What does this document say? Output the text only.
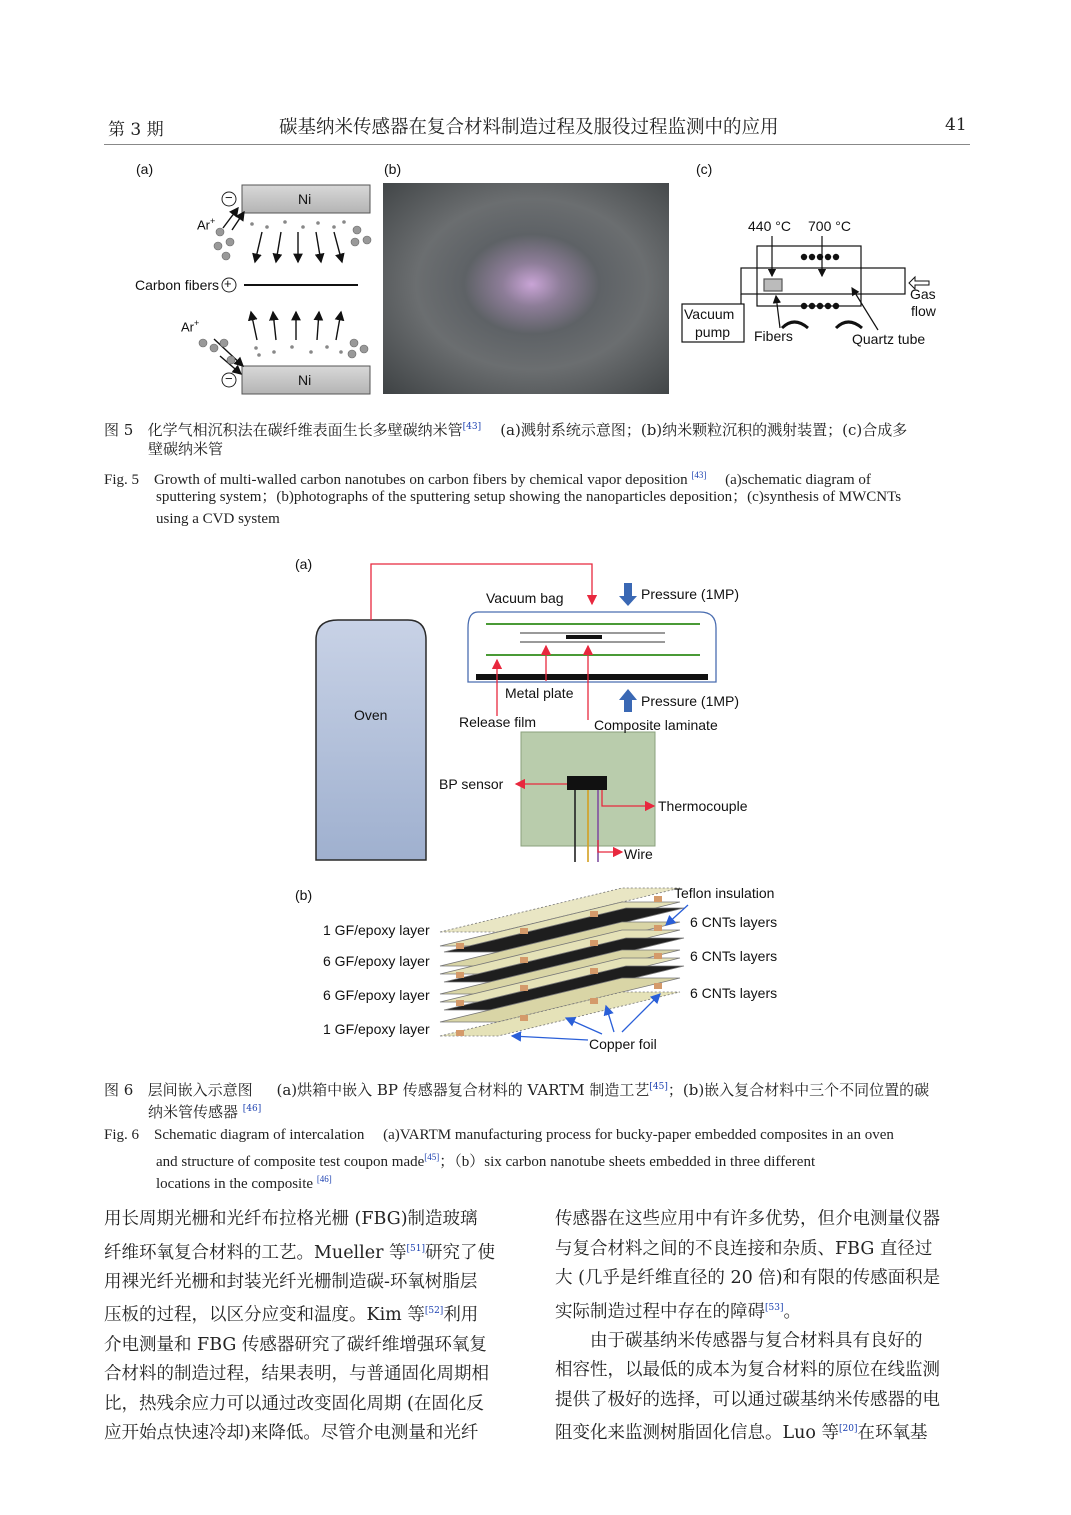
第 3 期	碳基纳米传感器在复合材料制造过程及服役过程监测中的应用	41
(a)	(b)	(c)
Ni
Ni
−
−
+
Ar+
Ar+
Carbon fibers
440 °C 700 °C
Gas
flow
Vacuum
pump Fibers	Quartz tube
图 5 化学气相沉积法在碳纤维表面生长多壁碳纳米管[43] (a)溅射系统示意图；(b)纳米颗粒沉积的溅射装置；(c)合成多
壁碳纳米管
Fig. 5 Growth of multi-walled carbon nanotubes on carbon fibers by chemical vapor deposition [43] (a)schematic diagram of
sputtering system；(b)photographs of the sputtering setup showing the nanoparticles deposition；(c)synthesis of MWCNTs
using a CVD system
(a)
Oven
Vacuum bag	Pressure (1MP)
Pressure (1MP)
Metal plate
Release film	Composite laminate
BP sensor
Thermocouple
Wire
(b)	Teflon insulation
6 CNTs layers
6 CNTs layers
6 CNTs layers
1 GF/epoxy layer
6 GF/epoxy layer
6 GF/epoxy layer
1 GF/epoxy layer
Copper foil
图 6 层间嵌入示意图 (a)烘箱中嵌入 BP 传感器复合材料的 VARTM 制造工艺[45]；(b)嵌入复合材料中三个不同位置的碳
纳米管传感器 [46]
Fig. 6 Schematic diagram of intercalation (a)VARTM manufacturing process for bucky-paper embedded composites in an oven
and structure of composite test coupon made[45]；（b）six carbon nanotube sheets embedded in three different
locations in the composite [46]
用长周期光栅和光纤布拉格光栅 (FBG)制造玻璃
纤维环氧复合材料的工艺。Mueller 等[51]研究了使
用裸光纤光栅和封装光纤光栅制造碳-环氧树脂层
压板的过程，以区分应变和温度。Kim 等[52]利用
介电测量和 FBG 传感器研究了碳纤维增强环氧复
合材料的制造过程，结果表明，与普通固化周期相
比，热残余应力可以通过改变固化周期 (在固化反
应开始点快速冷却)来降低。尽管介电测量和光纤
传感器在这些应用中有许多优势，但介电测量仪器
与复合材料之间的不良连接和杂质、FBG 直径过
大 (几乎是纤维直径的 20 倍)和有限的传感面积是
实际制造过程中存在的障碍[53]。
由于碳基纳米传感器与复合材料具有良好的
相容性，以最低的成本为复合材料的原位在线监测
提供了极好的选择，可以通过碳基纳米传感器的电
阻变化来监测树脂固化信息。Luo 等[20]在环氧基
